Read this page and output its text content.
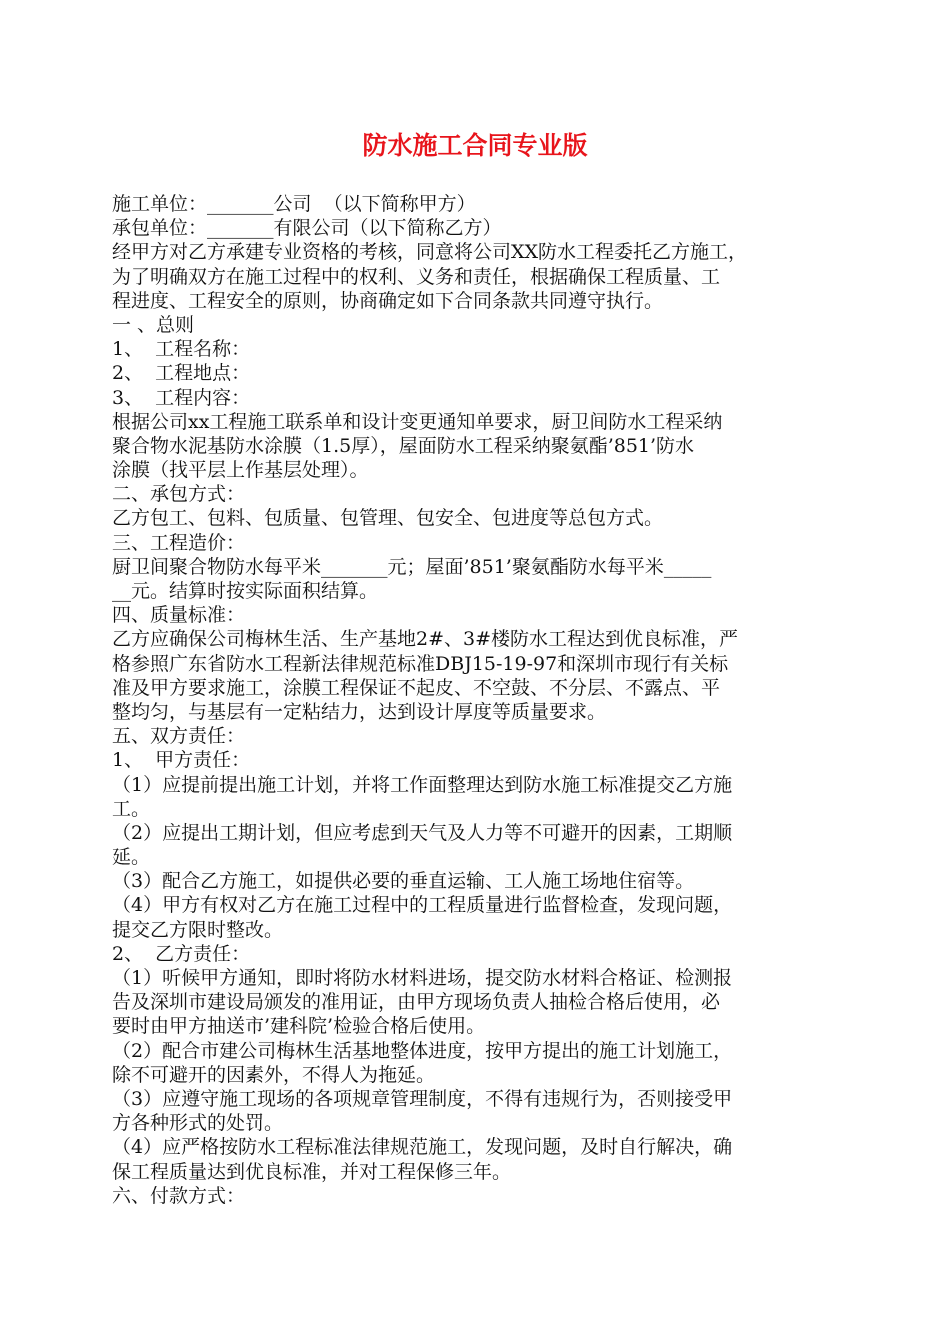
防水施工合同专业版
施工单位：_______公司  （以下简称甲方）
承包单位：_______有限公司（以下简称乙方）
经甲方对乙方承建专业资格的考核，同意将公司XX防水工程委托乙方施工，
为了明确双方在施工过程中的权利、义务和责任，根据确保工程质量、工
程进度、工程安全的原则，协商确定如下合同条款共同遵守执行。
一 、总则
1、  工程名称：
2、  工程地点：
3、  工程内容：
根据公司xx工程施工联系单和设计变更通知单要求，厨卫间防水工程采纳
聚合物水泥基防水涂膜（1.5厚），屋面防水工程采纳聚氨酯’851’防水
涂膜（找平层上作基层处理）。
二、承包方式：
乙方包工、包料、包质量、包管理、包安全、包进度等总包方式。
三、工程造价：
厨卫间聚合物防水每平米_______元；屋面’851’聚氨酯防水每平米_____
__元。结算时按实际面积结算。
四、质量标准：
乙方应确保公司梅林生活、生产基地2#、3#楼防水工程达到优良标准，严
格参照广东省防水工程新法律规范标准DBJ15-19-97和深圳市现行有关标
准及甲方要求施工，涂膜工程保证不起皮、不空鼓、不分层、不露点、平
整均匀，与基层有一定粘结力，达到设计厚度等质量要求。
五、双方责任：
1、  甲方责任：
（1）应提前提出施工计划，并将工作面整理达到防水施工标准提交乙方施
工。
（2）应提出工期计划，但应考虑到天气及人力等不可避开的因素，工期顺
延。
（3）配合乙方施工，如提供必要的垂直运输、工人施工场地住宿等。
（4）甲方有权对乙方在施工过程中的工程质量进行监督检查，发现问题，
提交乙方限时整改。
2、  乙方责任：
（1）听候甲方通知，即时将防水材料进场，提交防水材料合格证、检测报
告及深圳市建设局颁发的准用证，由甲方现场负责人抽检合格后使用，必
要时由甲方抽送市’建科院’检验合格后使用。
（2）配合市建公司梅林生活基地整体进度，按甲方提出的施工计划施工，
除不可避开的因素外，不得人为拖延。
（3）应遵守施工现场的各项规章管理制度，不得有违规行为，否则接受甲
方各种形式的处罚。
（4）应严格按防水工程标准法律规范施工，发现问题，及时自行解决，确
保工程质量达到优良标准，并对工程保修三年。
六、付款方式：
